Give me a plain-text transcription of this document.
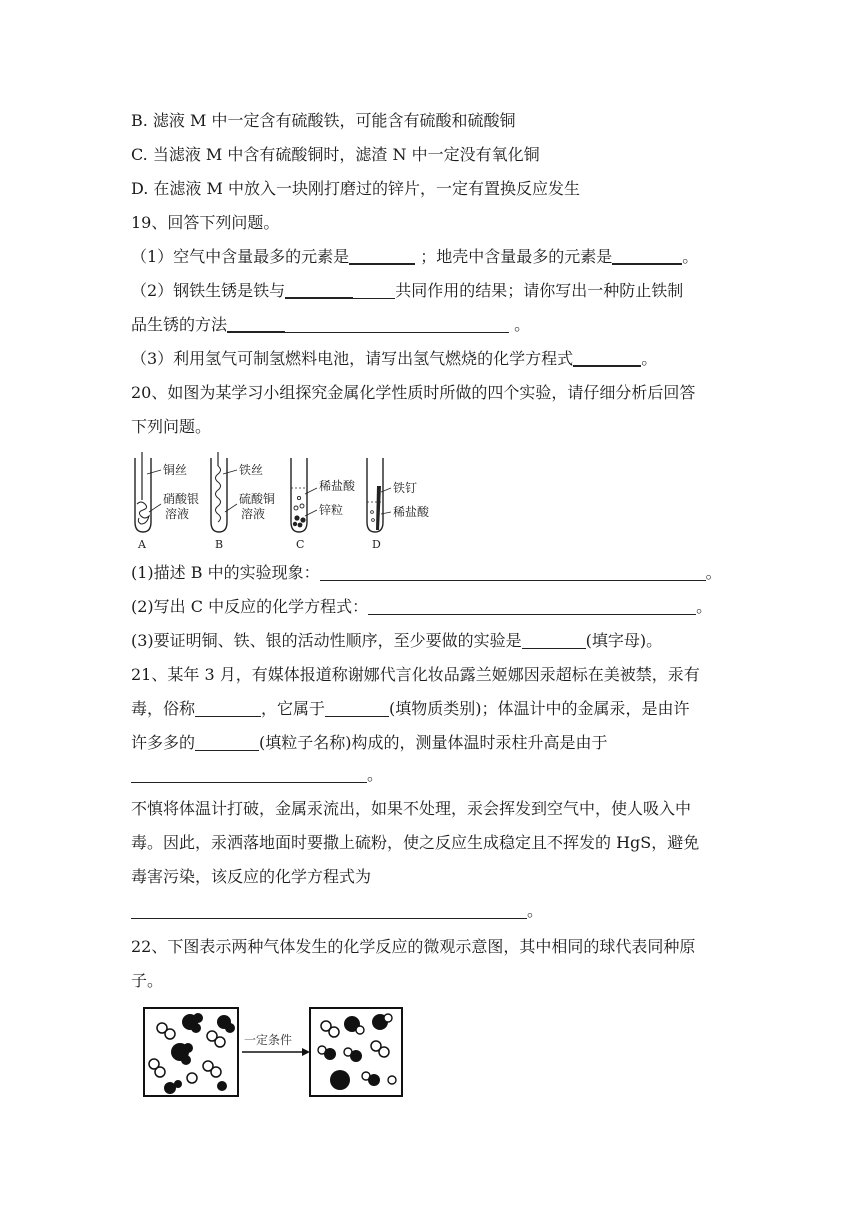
B. 滤液 M 中一定含有硫酸铁，可能含有硫酸和硫酸铜
C. 当滤液 M 中含有硫酸铜时，滤渣 N 中一定没有氧化铜
D. 在滤液 M 中放入一块刚打磨过的锌片，一定有置换反应发生
19、回答下列问题。
（1）空气中含量最多的元素是	；地壳中含量最多的元素是	。
（2）钢铁生锈是铁与	共同作用的结果；请你写出一种防止铁制
品生锈的方法	。
（3）利用氢气可制氢燃料电池，请写出氢气燃烧的化学方程式	。
20、如图为某学习小组探究金属化学性质时所做的四个实验，请仔细分析后回答
下列问题。
铜丝
硝酸银
溶液
A
铁丝
硫酸铜
溶液
B
稀盐酸
锌粒
C
铁钉
稀盐酸
D
(1)描述 B 中的实验现象：	。
(2)写出 C 中反应的化学方程式：	。
(3)要证明铜、铁、银的活动性顺序，至少要做的实验是	(填字母)。
21、某年 3 月，有媒体报道称谢娜代言化妆品露兰姬娜因汞超标在美被禁，汞有
毒，俗称	，它属于	(填物质类别)；体温计中的金属汞，是由许
许多多的	(填粒子名称)构成的，测量体温时汞柱升高是由于
。
不慎将体温计打破，金属汞流出，如果不处理，汞会挥发到空气中，使人吸入中
毒。因此，汞洒落地面时要撒上硫粉，使之反应生成稳定且不挥发的 HgS，避免
毒害污染，该反应的化学方程式为
。
22、下图表示两种气体发生的化学反应的微观示意图，其中相同的球代表同种原
子。
一定条件
